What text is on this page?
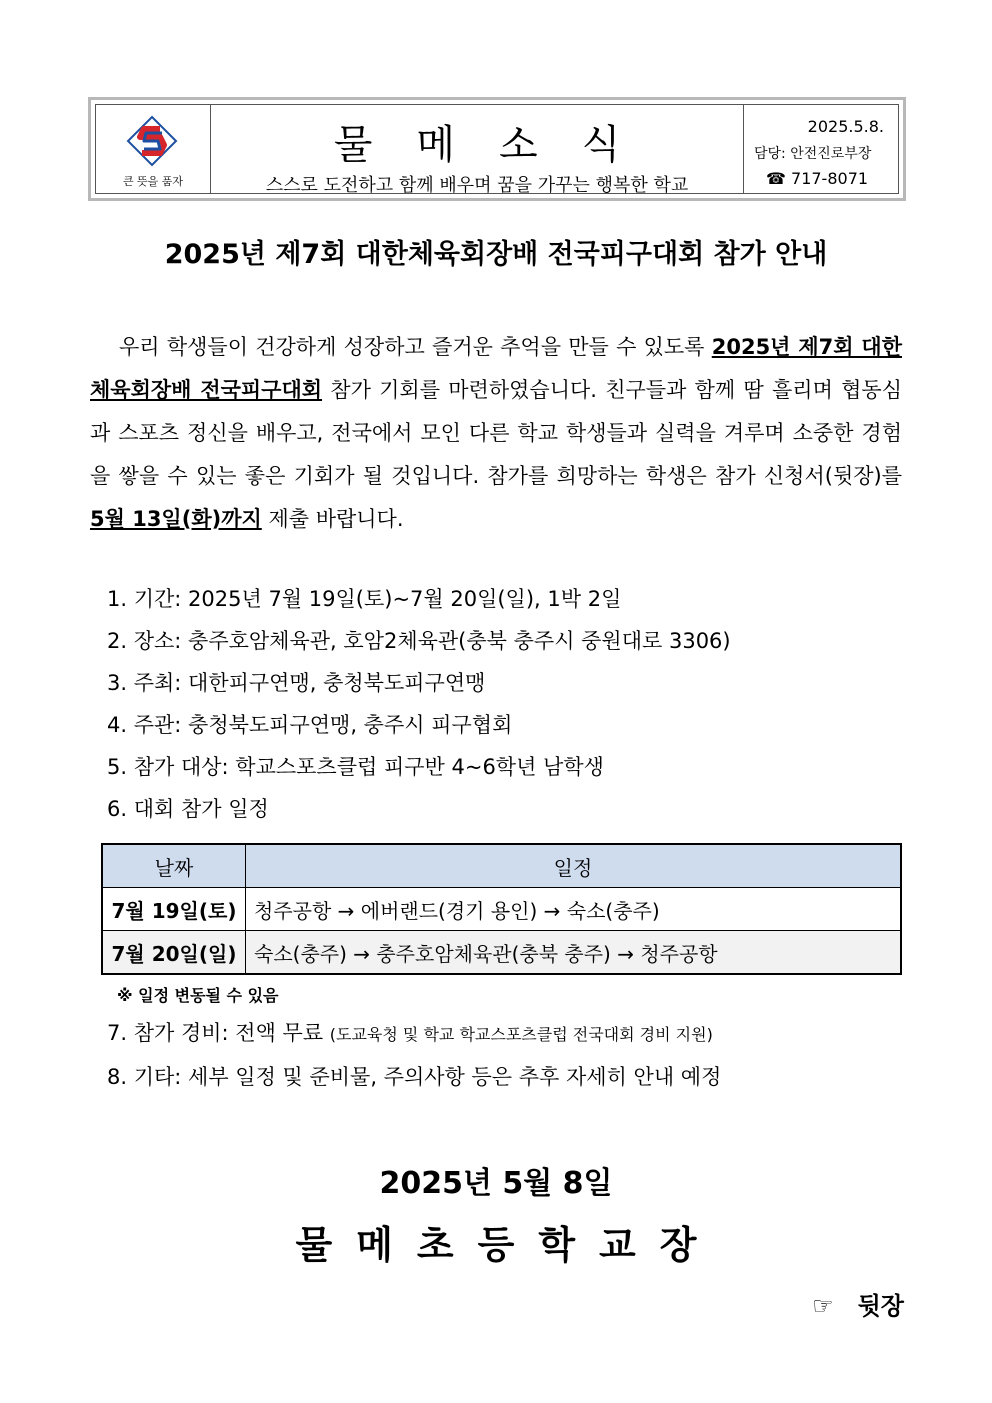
큰 뜻을 품자
물메소식
스스로 도전하고 함께 배우며 꿈을 가꾸는 행복한 학교
2025.5.8.
담당: 안전진로부장
☎ 717-8071
2025년 제7회 대한체육회장배 전국피구대회 참가 안내

우리 학생들이 건강하게 성장하고 즐거운 추억을 만들 수 있도록 2025년 제7회 대한체육회장배 전국피구대회 참가 기회를 마련하였습니다. 친구들과 함께 땀 흘리며 협동심과 스포츠 정신을 배우고, 전국에서 모인 다른 학교 학생들과 실력을 겨루며 소중한 경험을 쌓을 수 있는 좋은 기회가 될 것입니다. 참가를 희망하는 학생은 참가 신청서(뒷장)를 5월 13일(화)까지 제출 바랍니다.

1. 기간: 2025년 7월 19일(토)~7월 20일(일), 1박 2일
2. 장소: 충주호암체육관, 호암2체육관(충북 충주시 중원대로 3306)
3. 주최: 대한피구연맹, 충청북도피구연맹
4. 주관: 충청북도피구연맹, 충주시 피구협회
5. 참가 대상: 학교스포츠클럽 피구반 4~6학년 남학생
6. 대회 참가 일정
날짜	일정
7월 19일(토)	청주공항 → 에버랜드(경기 용인) → 숙소(충주)
7월 20일(일)	숙소(충주) → 충주호암체육관(충북 충주) → 청주공항
※ 일정 변동될 수 있음
7. 참가 경비: 전액 무료 (도교육청 및 학교 학교스포츠클럽 전국대회 경비 지원)
8. 기타: 세부 일정 및 준비물, 주의사항 등은 추후 자세히 안내 예정
2025년 5월 8일
물메초등학교장
☞ 뒷장
